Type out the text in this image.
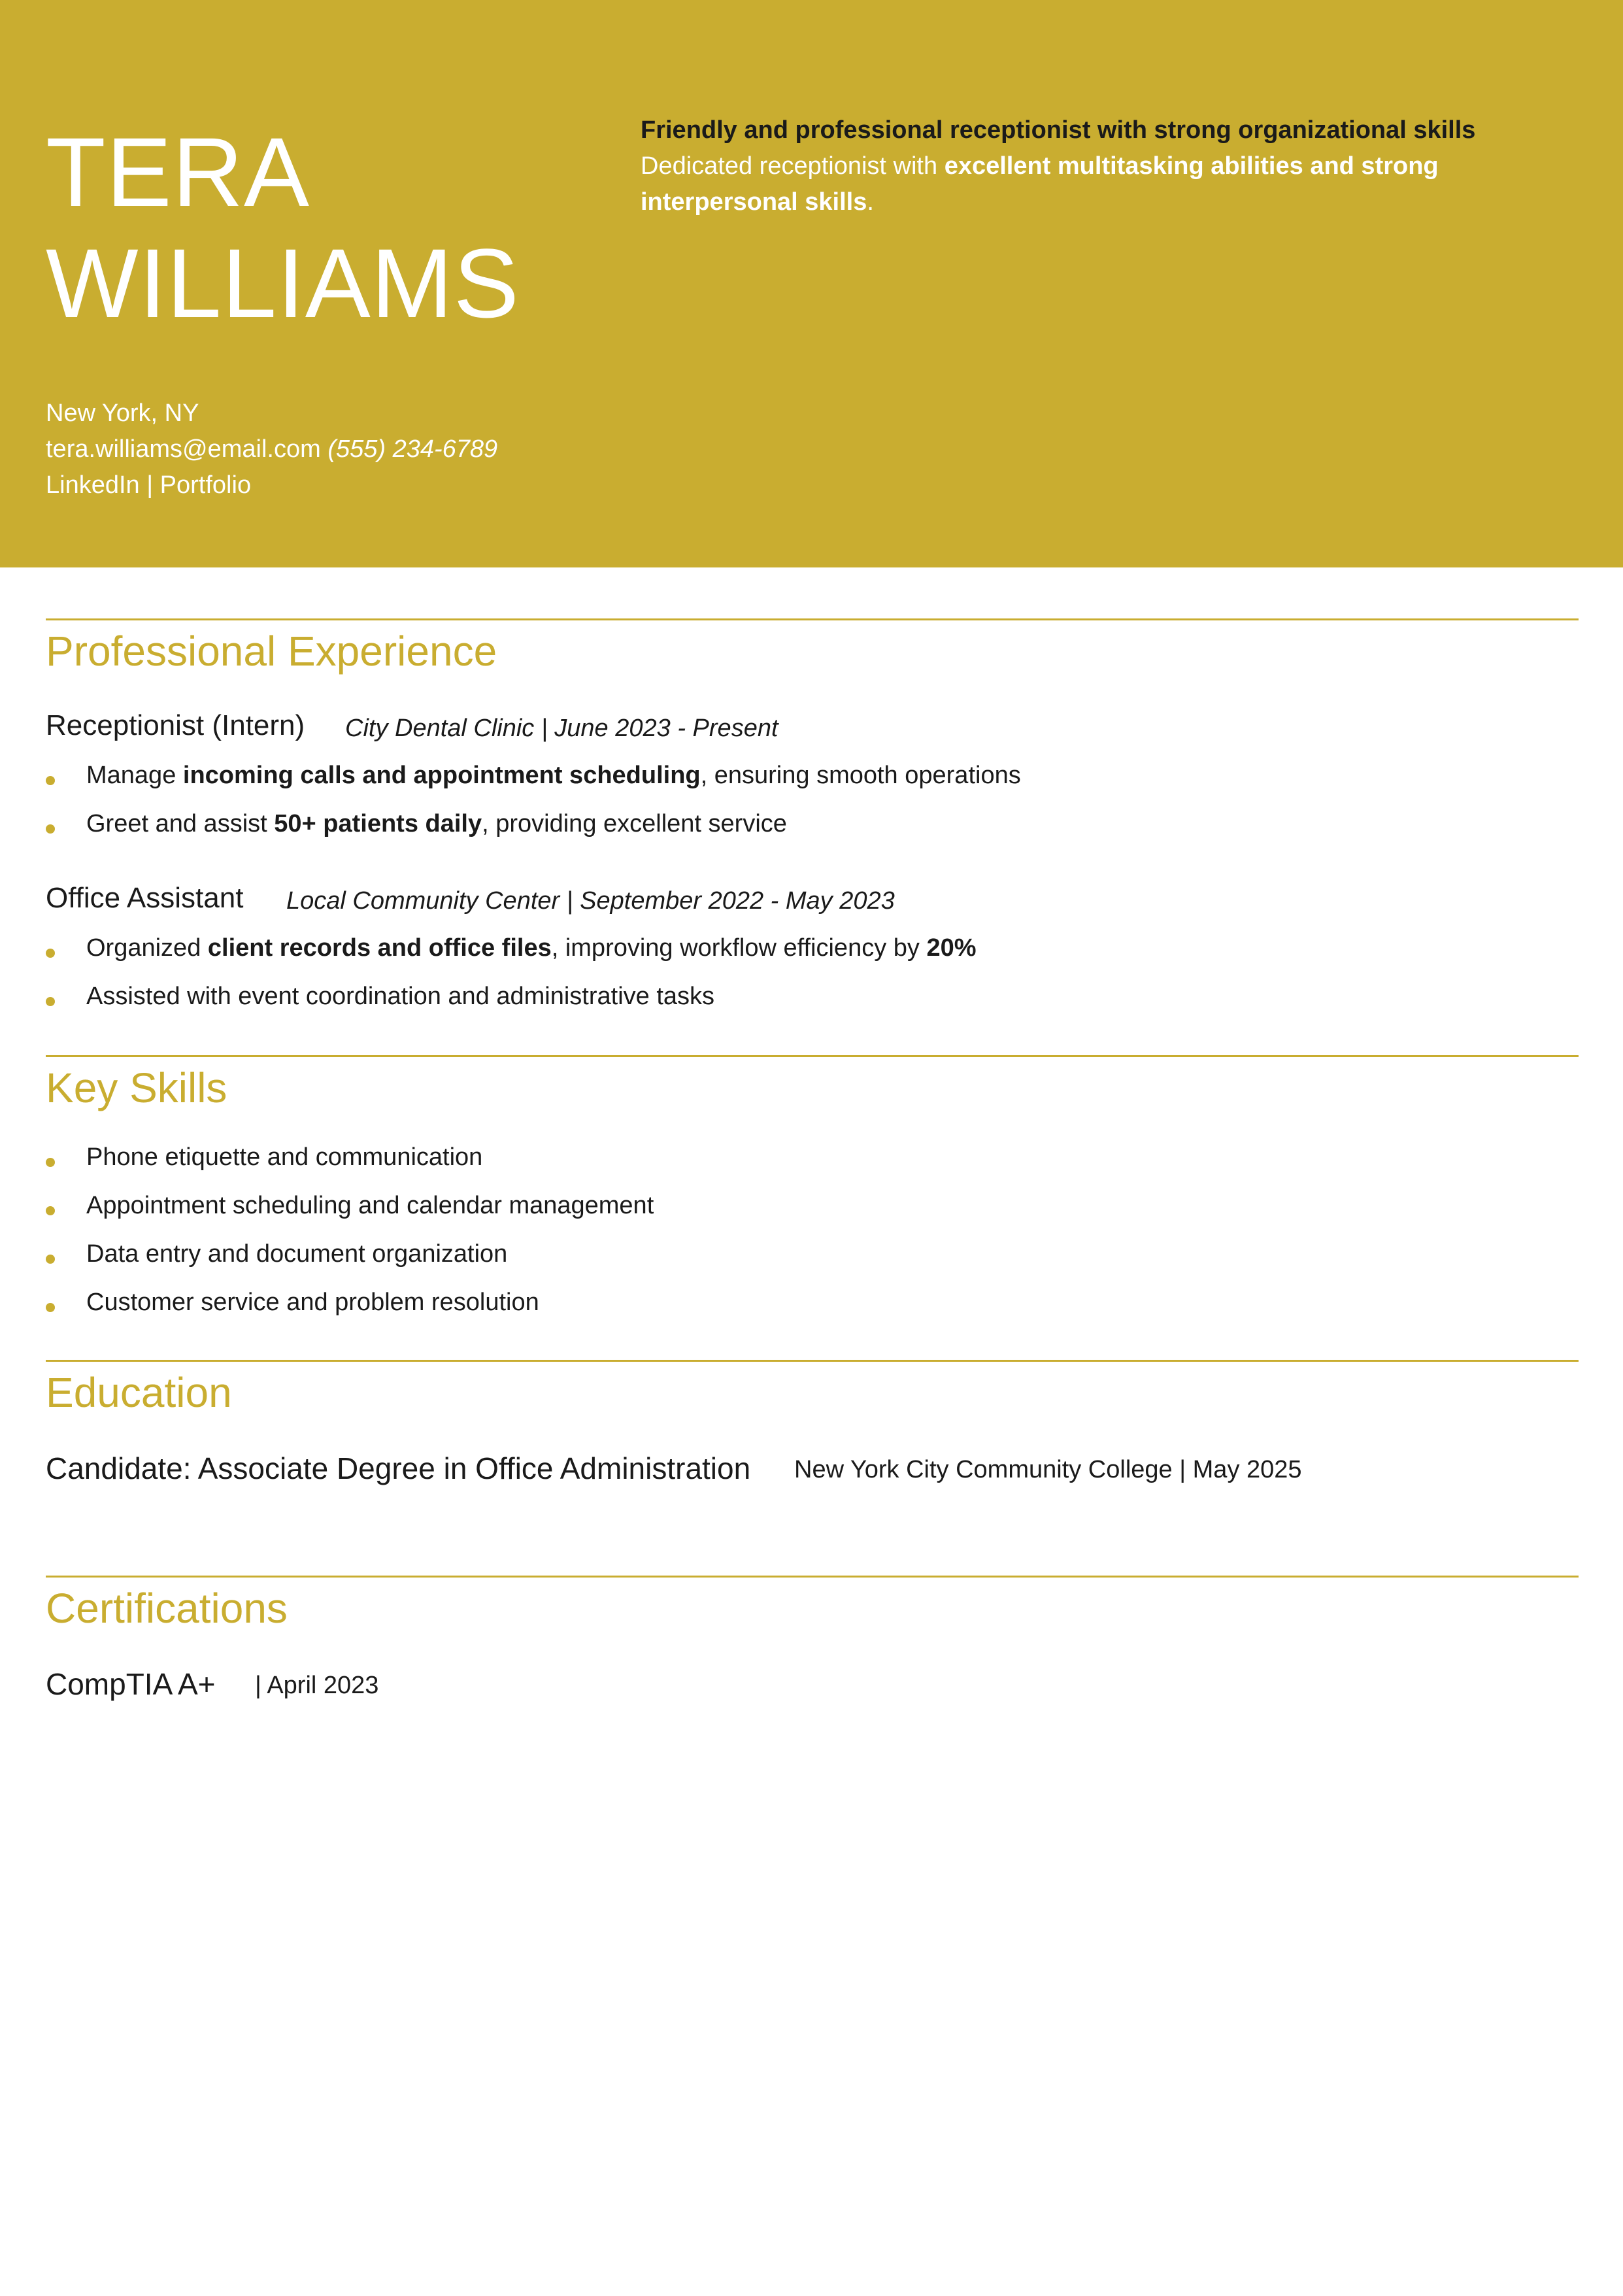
TERA
WILLIAMS
New York, NY
tera.williams@email.com (555) 234-6789
LinkedIn | Portfolio
Friendly and professional receptionist with strong organizational skills
Dedicated receptionist with excellent multitasking abilities and strong interpersonal skills.
Professional Experience
Receptionist (Intern) City Dental Clinic | June 2023 - Present
Manage incoming calls and appointment scheduling, ensuring smooth operations
Greet and assist 50+ patients daily, providing excellent service
Office Assistant Local Community Center | September 2022 - May 2023
Organized client records and office files, improving workflow efficiency by 20%
Assisted with event coordination and administrative tasks
Key Skills
Phone etiquette and communication
Appointment scheduling and calendar management
Data entry and document organization
Customer service and problem resolution
Education
Candidate: Associate Degree in Office Administration New York City Community College | May 2025
Certifications
CompTIA A+ | April 2023
